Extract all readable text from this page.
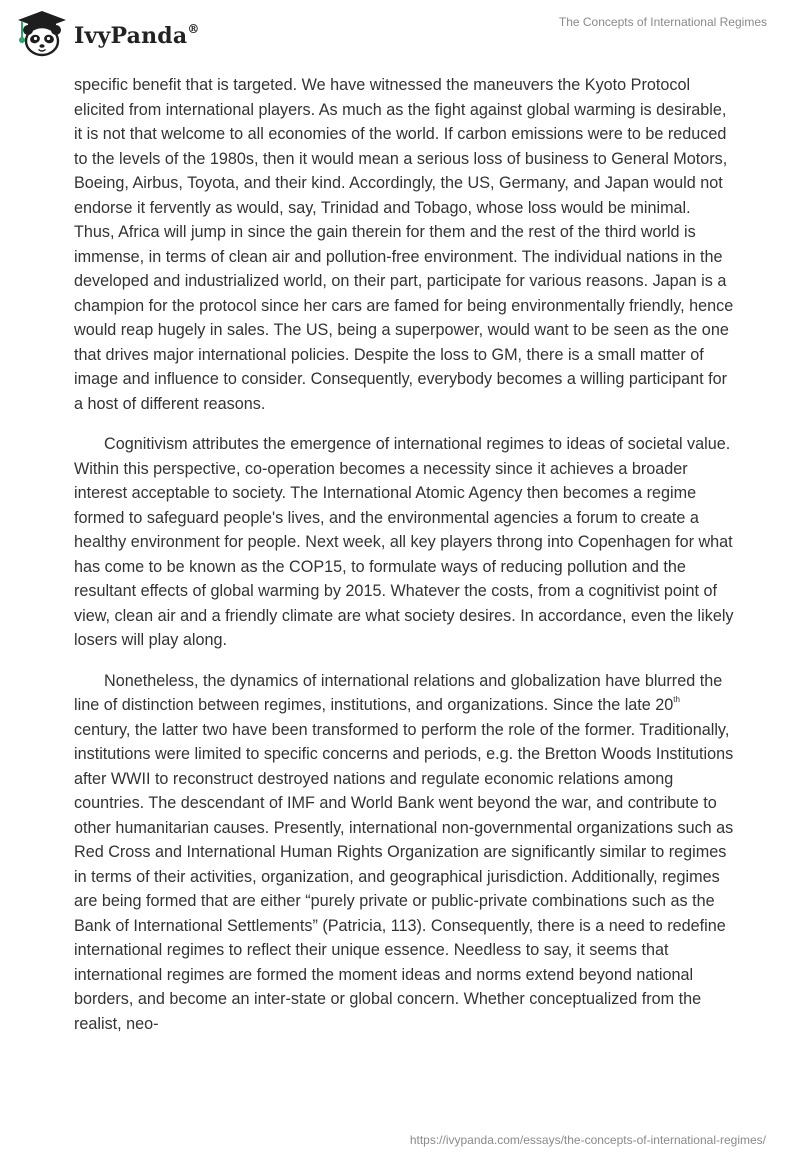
IvyPanda®	The Concepts of International Regimes

specific benefit that is targeted. We have witnessed the maneuvers the Kyoto Protocol elicited from international players. As much as the fight against global warming is desirable, it is not that welcome to all economies of the world. If carbon emissions were to be reduced to the levels of the 1980s, then it would mean a serious loss of business to General Motors, Boeing, Airbus, Toyota, and their kind. Accordingly, the US, Germany, and Japan would not endorse it fervently as would, say, Trinidad and Tobago, whose loss would be minimal. Thus, Africa will jump in since the gain therein for them and the rest of the third world is immense, in terms of clean air and pollution-free environment. The individual nations in the developed and industrialized world, on their part, participate for various reasons. Japan is a champion for the protocol since her cars are famed for being environmentally friendly, hence would reap hugely in sales. The US, being a superpower, would want to be seen as the one that drives major international policies. Despite the loss to GM, there is a small matter of image and influence to consider. Consequently, everybody becomes a willing participant for a host of different reasons.

Cognitivism attributes the emergence of international regimes to ideas of societal value. Within this perspective, co-operation becomes a necessity since it achieves a broader interest acceptable to society. The International Atomic Agency then becomes a regime formed to safeguard people's lives, and the environmental agencies a forum to create a healthy environment for people. Next week, all key players throng into Copenhagen for what has come to be known as the COP15, to formulate ways of reducing pollution and the resultant effects of global warming by 2015. Whatever the costs, from a cognitivist point of view, clean air and a friendly climate are what society desires. In accordance, even the likely losers will play along.

Nonetheless, the dynamics of international relations and globalization have blurred the line of distinction between regimes, institutions, and organizations. Since the late 20th century, the latter two have been transformed to perform the role of the former. Traditionally, institutions were limited to specific concerns and periods, e.g. the Bretton Woods Institutions after WWII to reconstruct destroyed nations and regulate economic relations among countries. The descendant of IMF and World Bank went beyond the war, and contribute to other humanitarian causes. Presently, international non-governmental organizations such as Red Cross and International Human Rights Organization are significantly similar to regimes in terms of their activities, organization, and geographical jurisdiction. Additionally, regimes are being formed that are either “purely private or public-private combinations such as the Bank of International Settlements” (Patricia, 113). Consequently, there is a need to redefine international regimes to reflect their unique essence. Needless to say, it seems that international regimes are formed the moment ideas and norms extend beyond national borders, and become an inter-state or global concern. Whether conceptualized from the realist, neo-

https://ivypanda.com/essays/the-concepts-of-international-regimes/
